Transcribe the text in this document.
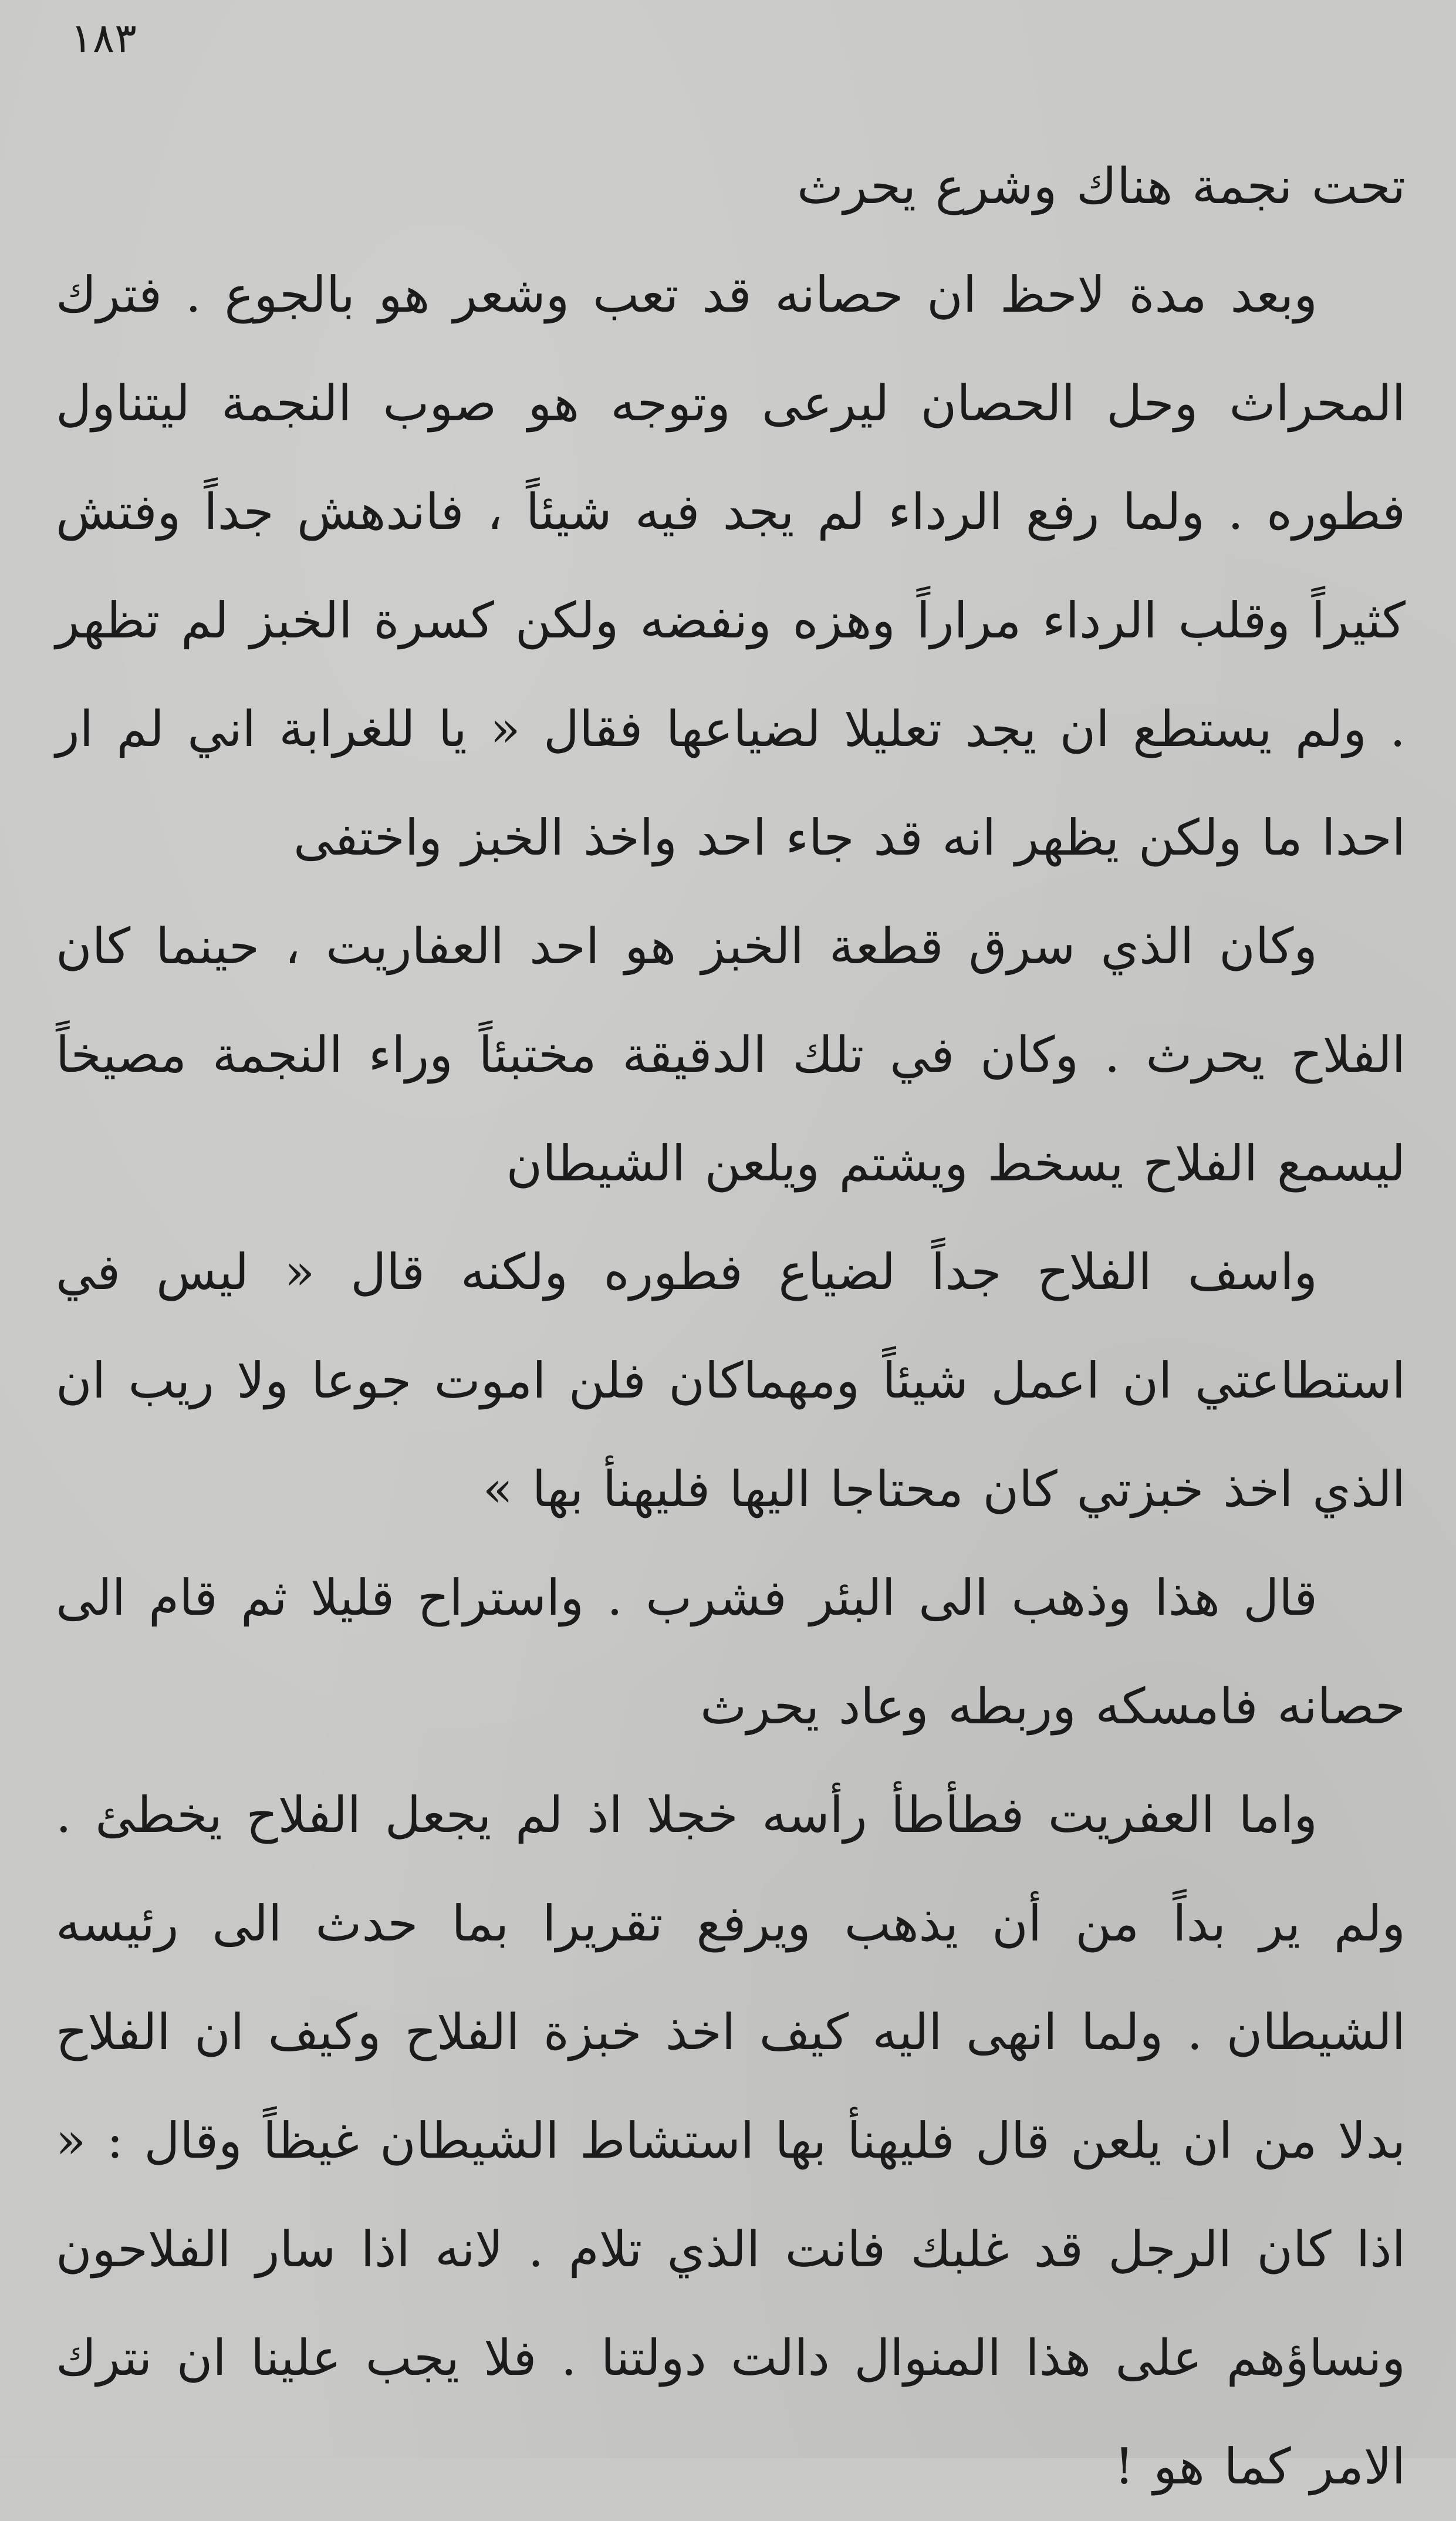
١٨٣

تحت نجمة هناك وشرع يحرث

وبعد مدة لاحظ ان حصانه قد تعب وشعر هو بالجوع . فترك المحراث وحل الحصان ليرعى وتوجه هو صوب النجمة ليتناول فطوره . ولما رفع الرداء لم يجد فيه شيئاً ، فاندهش جداً وفتش كثيراً وقلب الرداء مراراً وهزه ونفضه ولكن كسرة الخبز لم تظهر . ولم يستطع ان يجد تعليلا لضياعها فقال « يا للغرابة اني لم ار احدا ما ولكن يظهر انه قد جاء احد واخذ الخبز واختفى

وكان الذي سرق قطعة الخبز هو احد العفاريت ، حينما كان الفلاح يحرث . وكان في تلك الدقيقة مختبئاً وراء النجمة مصيخاً ليسمع الفلاح يسخط ويشتم ويلعن الشيطان

واسف الفلاح جداً لضياع فطوره ولكنه قال « ليس في استطاعتي ان اعمل شيئاً ومهماكان فلن اموت جوعا ولا ريب ان الذي اخذ خبزتي كان محتاجا اليها فليهنأ بها »

قال هذا وذهب الى البئر فشرب . واستراح قليلا ثم قام الى حصانه فامسكه وربطه وعاد يحرث

واما العفريت فطأطأ رأسه خجلا اذ لم يجعل الفلاح يخطئ . ولم ير بداً من أن يذهب ويرفع تقريرا بما حدث الى رئيسه الشيطان . ولما انهى اليه كيف اخذ خبزة الفلاح وكيف ان الفلاح بدلا من ان يلعن قال فليهنأ بها استشاط الشيطان غيظاً وقال : « اذا كان الرجل قد غلبك فانت الذي تلام . لانه اذا سار الفلاحون ونساؤهم على هذا المنوال دالت دولتنا . فلا يجب علينا ان نترك الامر كما هو !
